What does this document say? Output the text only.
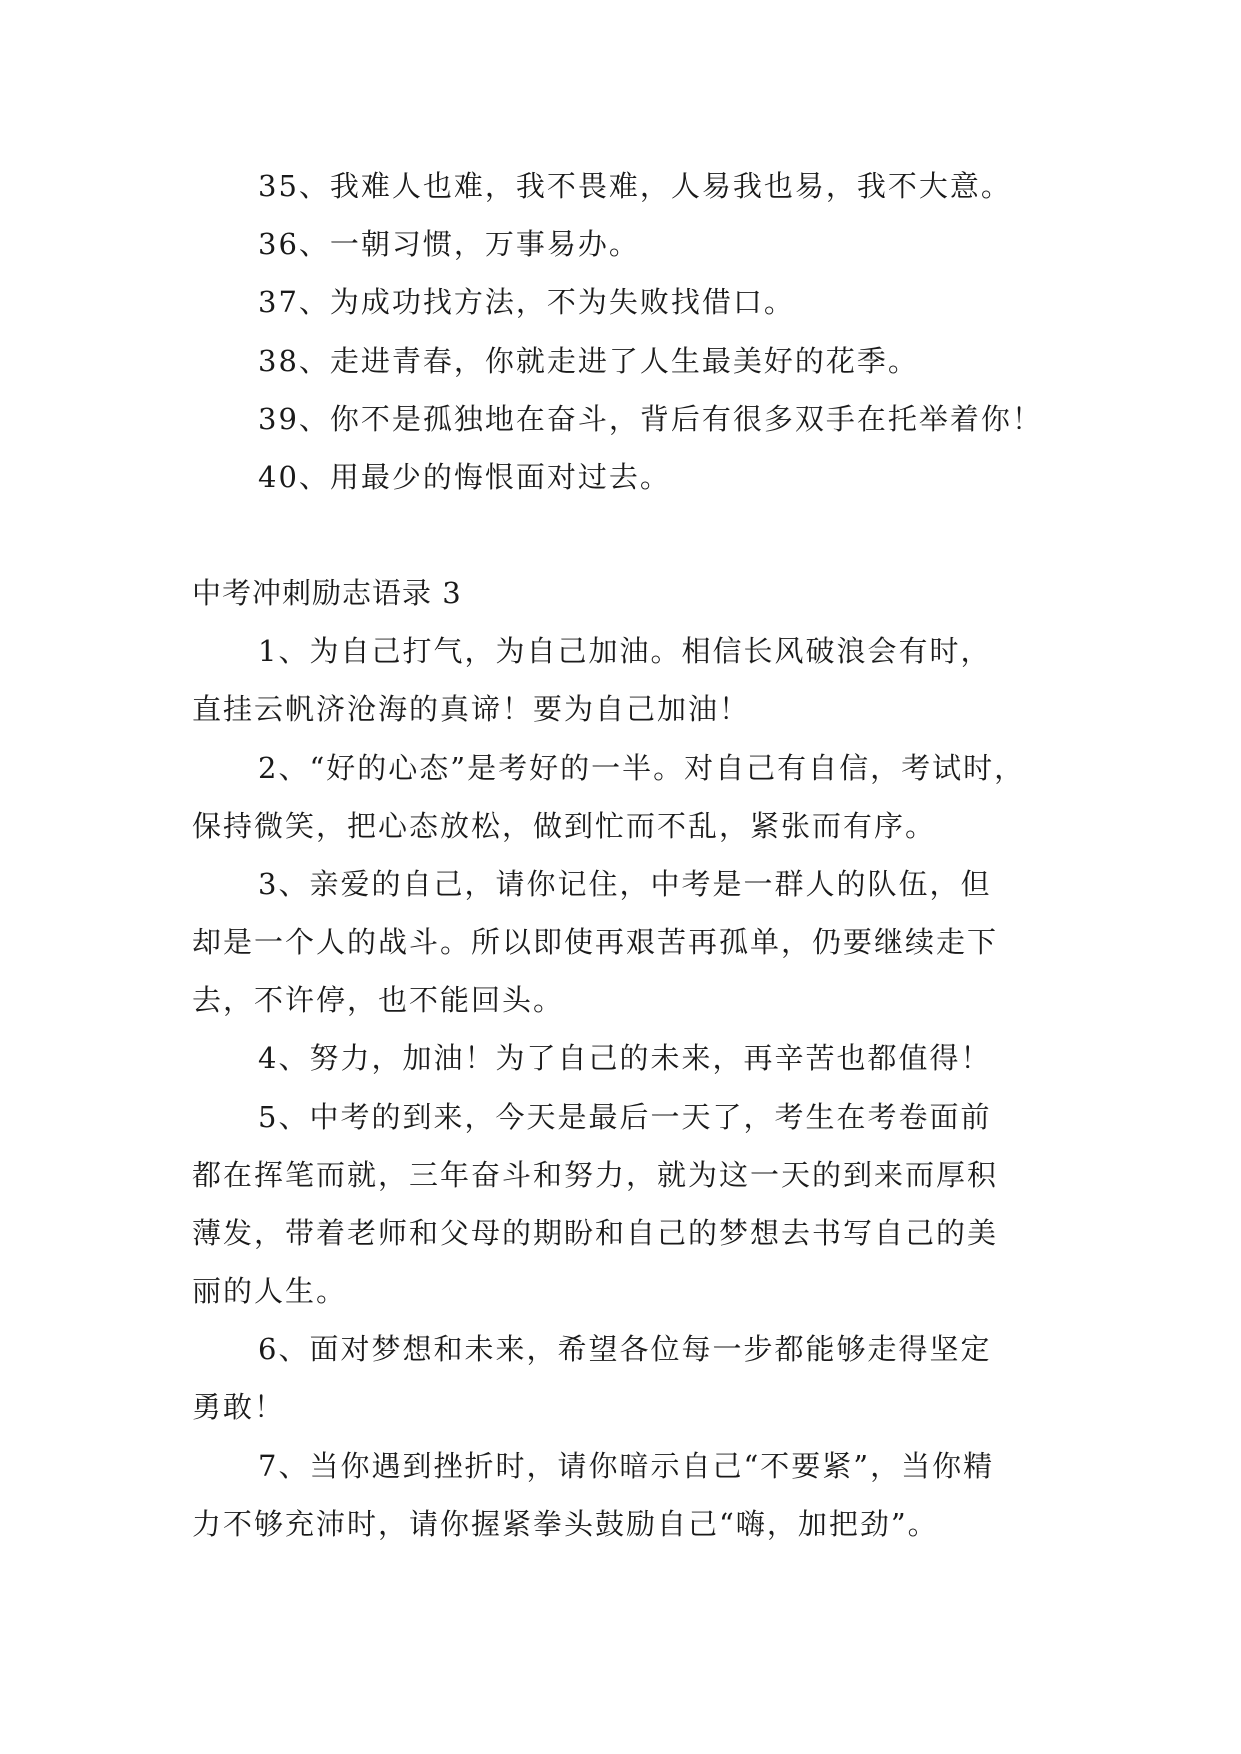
35、我难人也难，我不畏难，人易我也易，我不大意。
36、一朝习惯，万事易办。
37、为成功找方法，不为失败找借口。
38、走进青春，你就走进了人生最美好的花季。
39、你不是孤独地在奋斗，背后有很多双手在托举着你！
40、用最少的悔恨面对过去。
中考冲刺励志语录 3
1、为自己打气，为自己加油。相信长风破浪会有时，
直挂云帆济沧海的真谛！要为自己加油！
2、“好的心态”是考好的一半。对自己有自信，考试时，
保持微笑，把心态放松，做到忙而不乱，紧张而有序。
3、亲爱的自己，请你记住，中考是一群人的队伍，但
却是一个人的战斗。所以即使再艰苦再孤单，仍要继续走下
去，不许停，也不能回头。
4、努力，加油！为了自己的未来，再辛苦也都值得！
5、中考的到来，今天是最后一天了，考生在考卷面前
都在挥笔而就，三年奋斗和努力，就为这一天的到来而厚积
薄发，带着老师和父母的期盼和自己的梦想去书写自己的美
丽的人生。
6、面对梦想和未来，希望各位每一步都能够走得坚定
勇敢！
7、当你遇到挫折时，请你暗示自己“不要紧”，当你精
力不够充沛时，请你握紧拳头鼓励自己“嗨，加把劲”。
